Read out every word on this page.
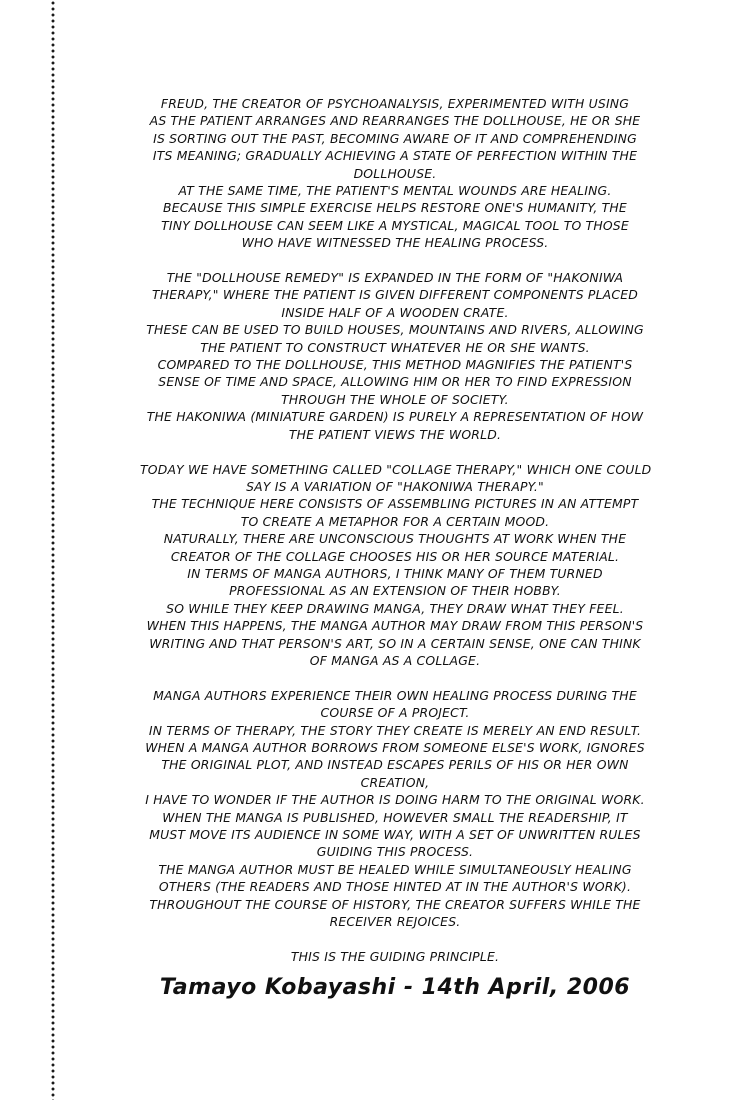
FREUD, THE CREATOR OF PSYCHOANALYSIS, EXPERIMENTED WITH USING
AS THE PATIENT ARRANGES AND REARRANGES THE DOLLHOUSE, HE OR SHE
IS SORTING OUT THE PAST, BECOMING AWARE OF IT AND COMPREHENDING
ITS MEANING; GRADUALLY ACHIEVING A STATE OF PERFECTION WITHIN THE
DOLLHOUSE.
AT THE SAME TIME, THE PATIENT'S MENTAL WOUNDS ARE HEALING.
BECAUSE THIS SIMPLE EXERCISE HELPS RESTORE ONE'S HUMANITY, THE
TINY DOLLHOUSE CAN SEEM LIKE A MYSTICAL, MAGICAL TOOL TO THOSE
WHO HAVE WITNESSED THE HEALING PROCESS.
THE "DOLLHOUSE REMEDY" IS EXPANDED IN THE FORM OF "HAKONIWA
THERAPY," WHERE THE PATIENT IS GIVEN DIFFERENT COMPONENTS PLACED
INSIDE HALF OF A WOODEN CRATE.
THESE CAN BE USED TO BUILD HOUSES, MOUNTAINS AND RIVERS, ALLOWING
THE PATIENT TO CONSTRUCT WHATEVER HE OR SHE WANTS.
COMPARED TO THE DOLLHOUSE, THIS METHOD MAGNIFIES THE PATIENT'S
SENSE OF TIME AND SPACE, ALLOWING HIM OR HER TO FIND EXPRESSION
THROUGH THE WHOLE OF SOCIETY.
THE HAKONIWA (MINIATURE GARDEN) IS PURELY A REPRESENTATION OF HOW
THE PATIENT VIEWS THE WORLD.
TODAY WE HAVE SOMETHING CALLED "COLLAGE THERAPY," WHICH ONE COULD
SAY IS A VARIATION OF "HAKONIWA THERAPY."
THE TECHNIQUE HERE CONSISTS OF ASSEMBLING PICTURES IN AN ATTEMPT
TO CREATE A METAPHOR FOR A CERTAIN MOOD.
NATURALLY, THERE ARE UNCONSCIOUS THOUGHTS AT WORK WHEN THE
CREATOR OF THE COLLAGE CHOOSES HIS OR HER SOURCE MATERIAL.
IN TERMS OF MANGA AUTHORS, I THINK MANY OF THEM TURNED
PROFESSIONAL AS AN EXTENSION OF THEIR HOBBY.
SO WHILE THEY KEEP DRAWING MANGA, THEY DRAW WHAT THEY FEEL.
WHEN THIS HAPPENS, THE MANGA AUTHOR MAY DRAW FROM THIS PERSON'S
WRITING AND THAT PERSON'S ART, SO IN A CERTAIN SENSE, ONE CAN THINK
OF MANGA AS A COLLAGE.
MANGA AUTHORS EXPERIENCE THEIR OWN HEALING PROCESS DURING THE
COURSE OF A PROJECT.
IN TERMS OF THERAPY, THE STORY THEY CREATE IS MERELY AN END RESULT.
WHEN A MANGA AUTHOR BORROWS FROM SOMEONE ELSE'S WORK, IGNORES
THE ORIGINAL PLOT, AND INSTEAD ESCAPES PERILS OF HIS OR HER OWN
CREATION,
I HAVE TO WONDER IF THE AUTHOR IS DOING HARM TO THE ORIGINAL WORK.
WHEN THE MANGA IS PUBLISHED, HOWEVER SMALL THE READERSHIP, IT
MUST MOVE ITS AUDIENCE IN SOME WAY, WITH A SET OF UNWRITTEN RULES
GUIDING THIS PROCESS.
THE MANGA AUTHOR MUST BE HEALED WHILE SIMULTANEOUSLY HEALING
OTHERS (THE READERS AND THOSE HINTED AT IN THE AUTHOR'S WORK).
THROUGHOUT THE COURSE OF HISTORY, THE CREATOR SUFFERS WHILE THE
RECEIVER REJOICES.
THIS IS THE GUIDING PRINCIPLE.
Tamayo Kobayashi - 14th April, 2006
